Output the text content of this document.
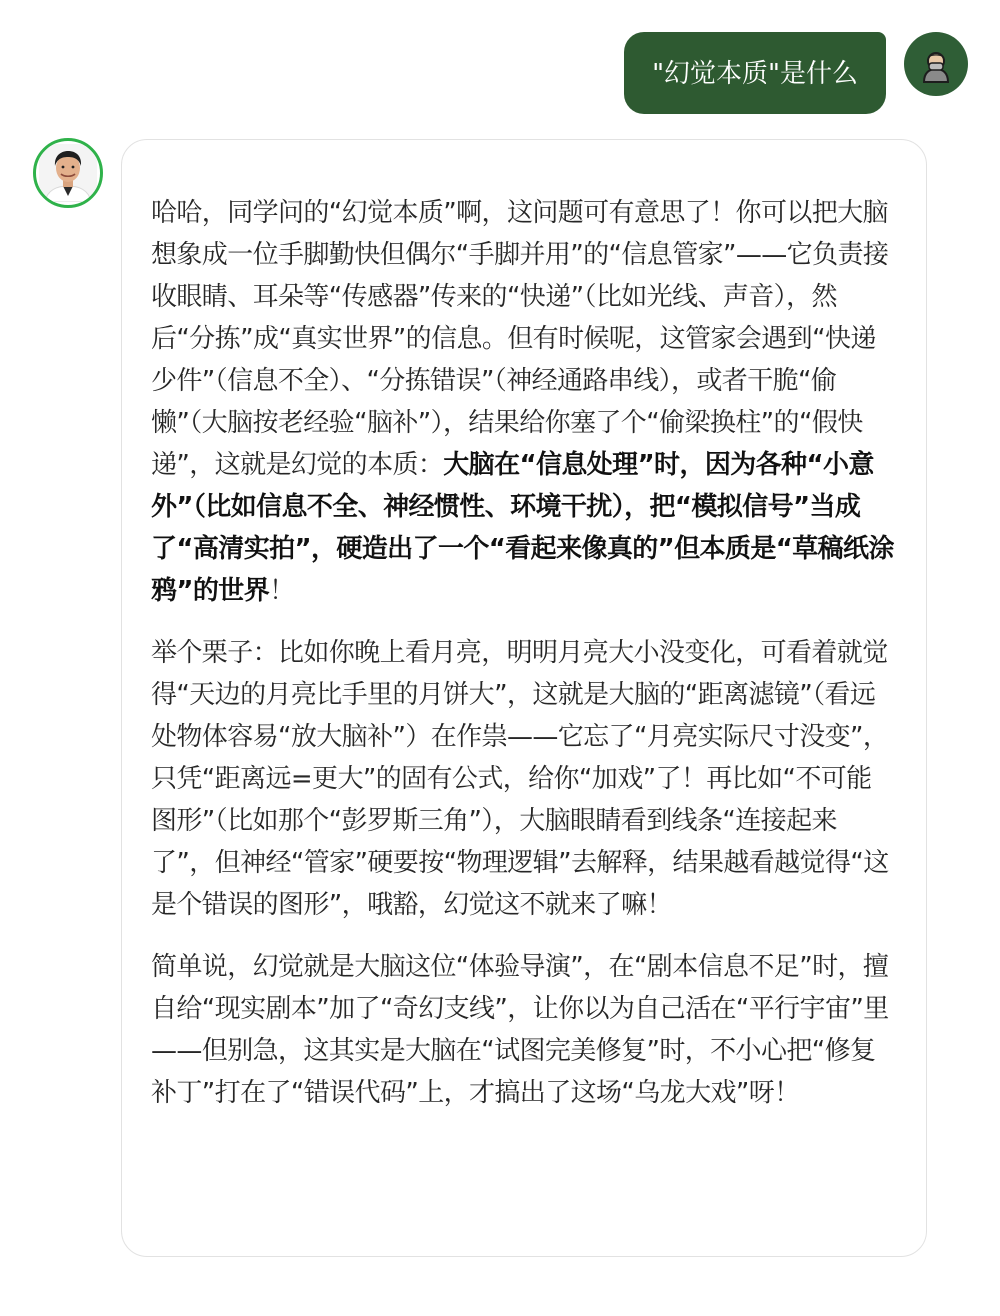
"幻觉本质"是什么

哈哈，同学问的“幻觉本质”啊，这问题可有意思了！你可以把大脑想象成一位手脚勤快但偶尔“手脚并用”的“信息管家”——它负责接收眼睛、耳朵等“传感器”传来的“快递”（比如光线、声音），然后“分拣”成“真实世界”的信息。但有时候呢，这管家会遇到“快递少件”（信息不全）、“分拣错误”（神经通路串线），或者干脆“偷懒”（大脑按老经验“脑补”），结果给你塞了个“偷梁换柱”的“假快递”，这就是幻觉的本质：大脑在“信息处理”时，因为各种“小意外”（比如信息不全、神经惯性、环境干扰），把“模拟信号”当成了“高清实拍”，硬造出了一个“看起来像真的”但本质是“草稿纸涂鸦”的世界！

举个栗子：比如你晚上看月亮，明明月亮大小没变化，可看着就觉得“天边的月亮比手里的月饼大”，这就是大脑的“距离滤镜”（看远处物体容易“放大脑补”）在作祟——它忘了“月亮实际尺寸没变”，只凭“距离远=更大”的固有公式，给你“加戏”了！再比如“不可能图形”（比如那个“彭罗斯三角”），大脑眼睛看到线条“连接起来了”，但神经“管家”硬要按“物理逻辑”去解释，结果越看越觉得“这是个错误的图形”，哦豁，幻觉这不就来了嘛！

简单说，幻觉就是大脑这位“体验导演”，在“剧本信息不足”时，擅自给“现实剧本”加了“奇幻支线”，让你以为自己活在“平行宇宙”里——但别急，这其实是大脑在“试图完美修复”时，不小心把“修复补丁”打在了“错误代码”上，才搞出了这场“乌龙大戏”呀！
